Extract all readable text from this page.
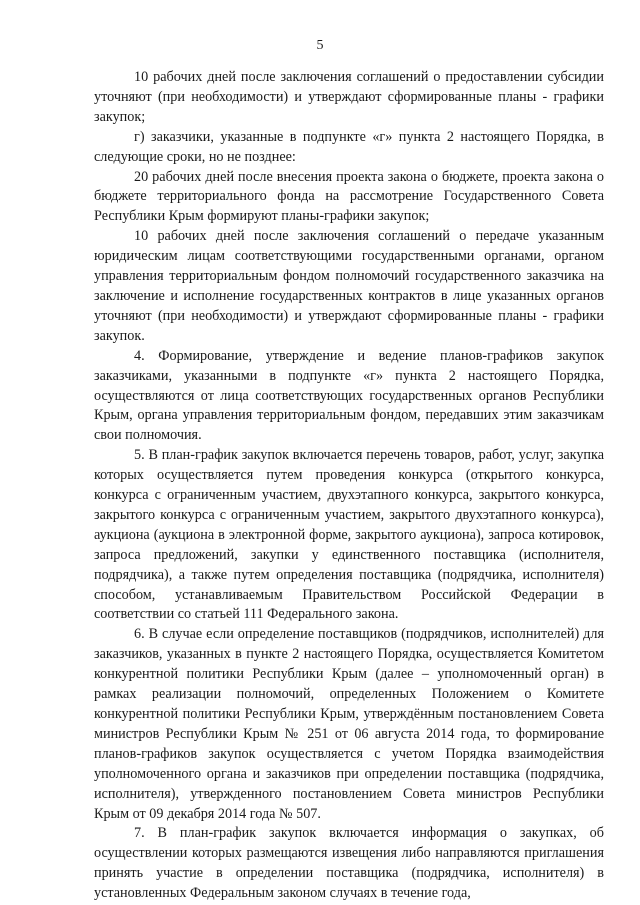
5

10 рабочих дней после заключения соглашений о предоставлении субсидии уточняют (при необходимости) и утверждают сформированные планы - графики закупок;

г) заказчики, указанные в подпункте «г» пункта 2 настоящего Порядка, в следующие сроки, но не позднее:

20 рабочих дней после внесения проекта закона о бюджете, проекта закона о бюджете территориального фонда на рассмотрение Государственного Совета Республики Крым формируют планы-графики закупок;

10 рабочих дней после заключения соглашений о передаче указанным юридическим лицам соответствующими государственными органами, органом управления территориальным фондом полномочий государственного заказчика на заключение и исполнение государственных контрактов в лице указанных органов уточняют (при необходимости) и утверждают сформированные планы - графики закупок.

4. Формирование, утверждение и ведение планов-графиков закупок заказчиками, указанными в подпункте «г» пункта 2 настоящего Порядка, осуществляются от лица соответствующих государственных органов Республики Крым, органа управления территориальным фондом, передавших этим заказчикам свои полномочия.

5. В план-график закупок включается перечень товаров, работ, услуг, закупка которых осуществляется путем проведения конкурса (открытого конкурса, конкурса с ограниченным участием, двухэтапного конкурса, закрытого конкурса, закрытого конкурса с ограниченным участием, закрытого двухэтапного конкурса), аукциона (аукциона в электронной форме, закрытого аукциона), запроса котировок, запроса предложений, закупки у единственного поставщика (исполнителя, подрядчика), а также путем определения поставщика (подрядчика, исполнителя) способом, устанавливаемым Правительством Российской Федерации в соответствии со статьей 111 Федерального закона.

6. В случае если определение поставщиков (подрядчиков, исполнителей) для заказчиков, указанных в пункте 2 настоящего Порядка, осуществляется Комитетом конкурентной политики Республики Крым (далее – уполномоченный орган) в рамках реализации полномочий, определенных Положением о Комитете конкурентной политики Республики Крым, утверждённым постановлением Совета министров Республики Крым № 251 от 06 августа 2014 года, то формирование планов-графиков закупок осуществляется с учетом Порядка взаимодействия уполномоченного органа и заказчиков при определении поставщика (подрядчика, исполнителя), утвержденного постановлением Совета министров Республики Крым от 09 декабря 2014 года № 507.

7. В план-график закупок включается информация о закупках, об осуществлении которых размещаются извещения либо направляются приглашения принять участие в определении поставщика (подрядчика, исполнителя) в установленных Федеральным законом случаях в течение года,
